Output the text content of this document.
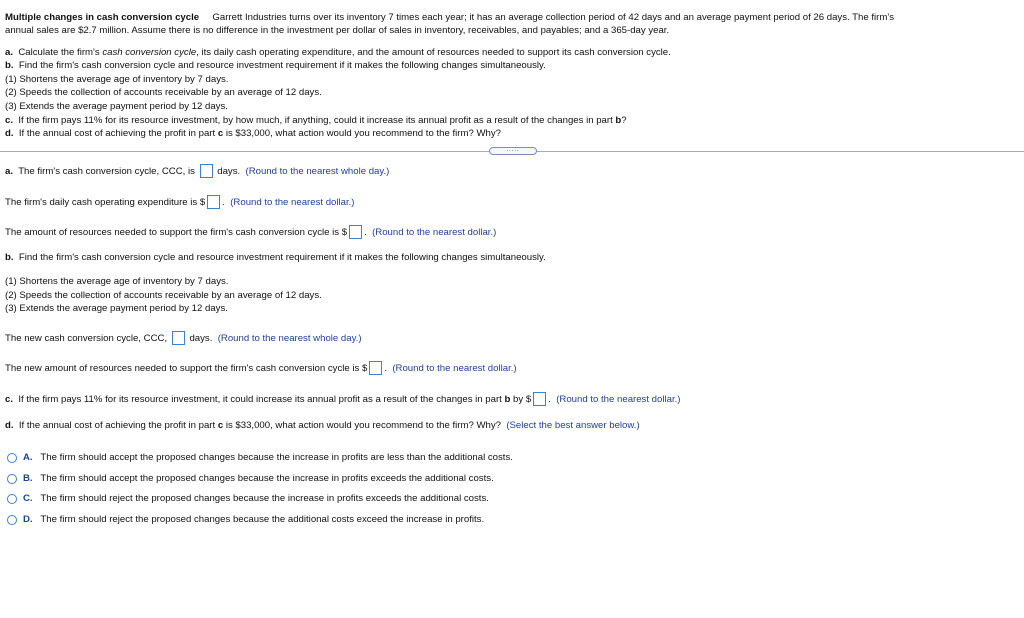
Multiple changes in cash conversion cycle Garrett Industries turns over its inventory 7 times each year; it has an average collection period of 42 days and an average payment period of 26 days. The firm's
annual sales are $2.7 million. Assume there is no difference in the investment per dollar of sales in inventory, receivables, and payables; and a 365-day year.
a. Calculate the firm's cash conversion cycle, its daily cash operating expenditure, and the amount of resources needed to support its cash conversion cycle.
b. Find the firm's cash conversion cycle and resource investment requirement if it makes the following changes simultaneously.
(1) Shortens the average age of inventory by 7 days.
(2) Speeds the collection of accounts receivable by an average of 12 days.
(3) Extends the average payment period by 12 days.
c. If the firm pays 11% for its resource investment, by how much, if anything, could it increase its annual profit as a result of the changes in part b?
d. If the annual cost of achieving the profit in part c is $33,000, what action would you recommend to the firm? Why?
.....
a. The firm's cash conversion cycle, CCC, is days. (Round to the nearest whole day.)
The firm's daily cash operating expenditure is $ . (Round to the nearest dollar.)
The amount of resources needed to support the firm's cash conversion cycle is $ . (Round to the nearest dollar.)
b. Find the firm's cash conversion cycle and resource investment requirement if it makes the following changes simultaneously.
(1) Shortens the average age of inventory by 7 days.
(2) Speeds the collection of accounts receivable by an average of 12 days.
(3) Extends the average payment period by 12 days.
The new cash conversion cycle, CCC, days. (Round to the nearest whole day.)
The new amount of resources needed to support the firm's cash conversion cycle is $ . (Round to the nearest dollar.)
c. If the firm pays 11% for its resource investment, it could increase its annual profit as a result of the changes in part b by $ . (Round to the nearest dollar.)
d. If the annual cost of achieving the profit in part c is $33,000, what action would you recommend to the firm? Why? (Select the best answer below.)
A. The firm should accept the proposed changes because the increase in profits are less than the additional costs.
B. The firm should accept the proposed changes because the increase in profits exceeds the additional costs.
C. The firm should reject the proposed changes because the increase in profits exceeds the additional costs.
D. The firm should reject the proposed changes because the additional costs exceed the increase in profits.
